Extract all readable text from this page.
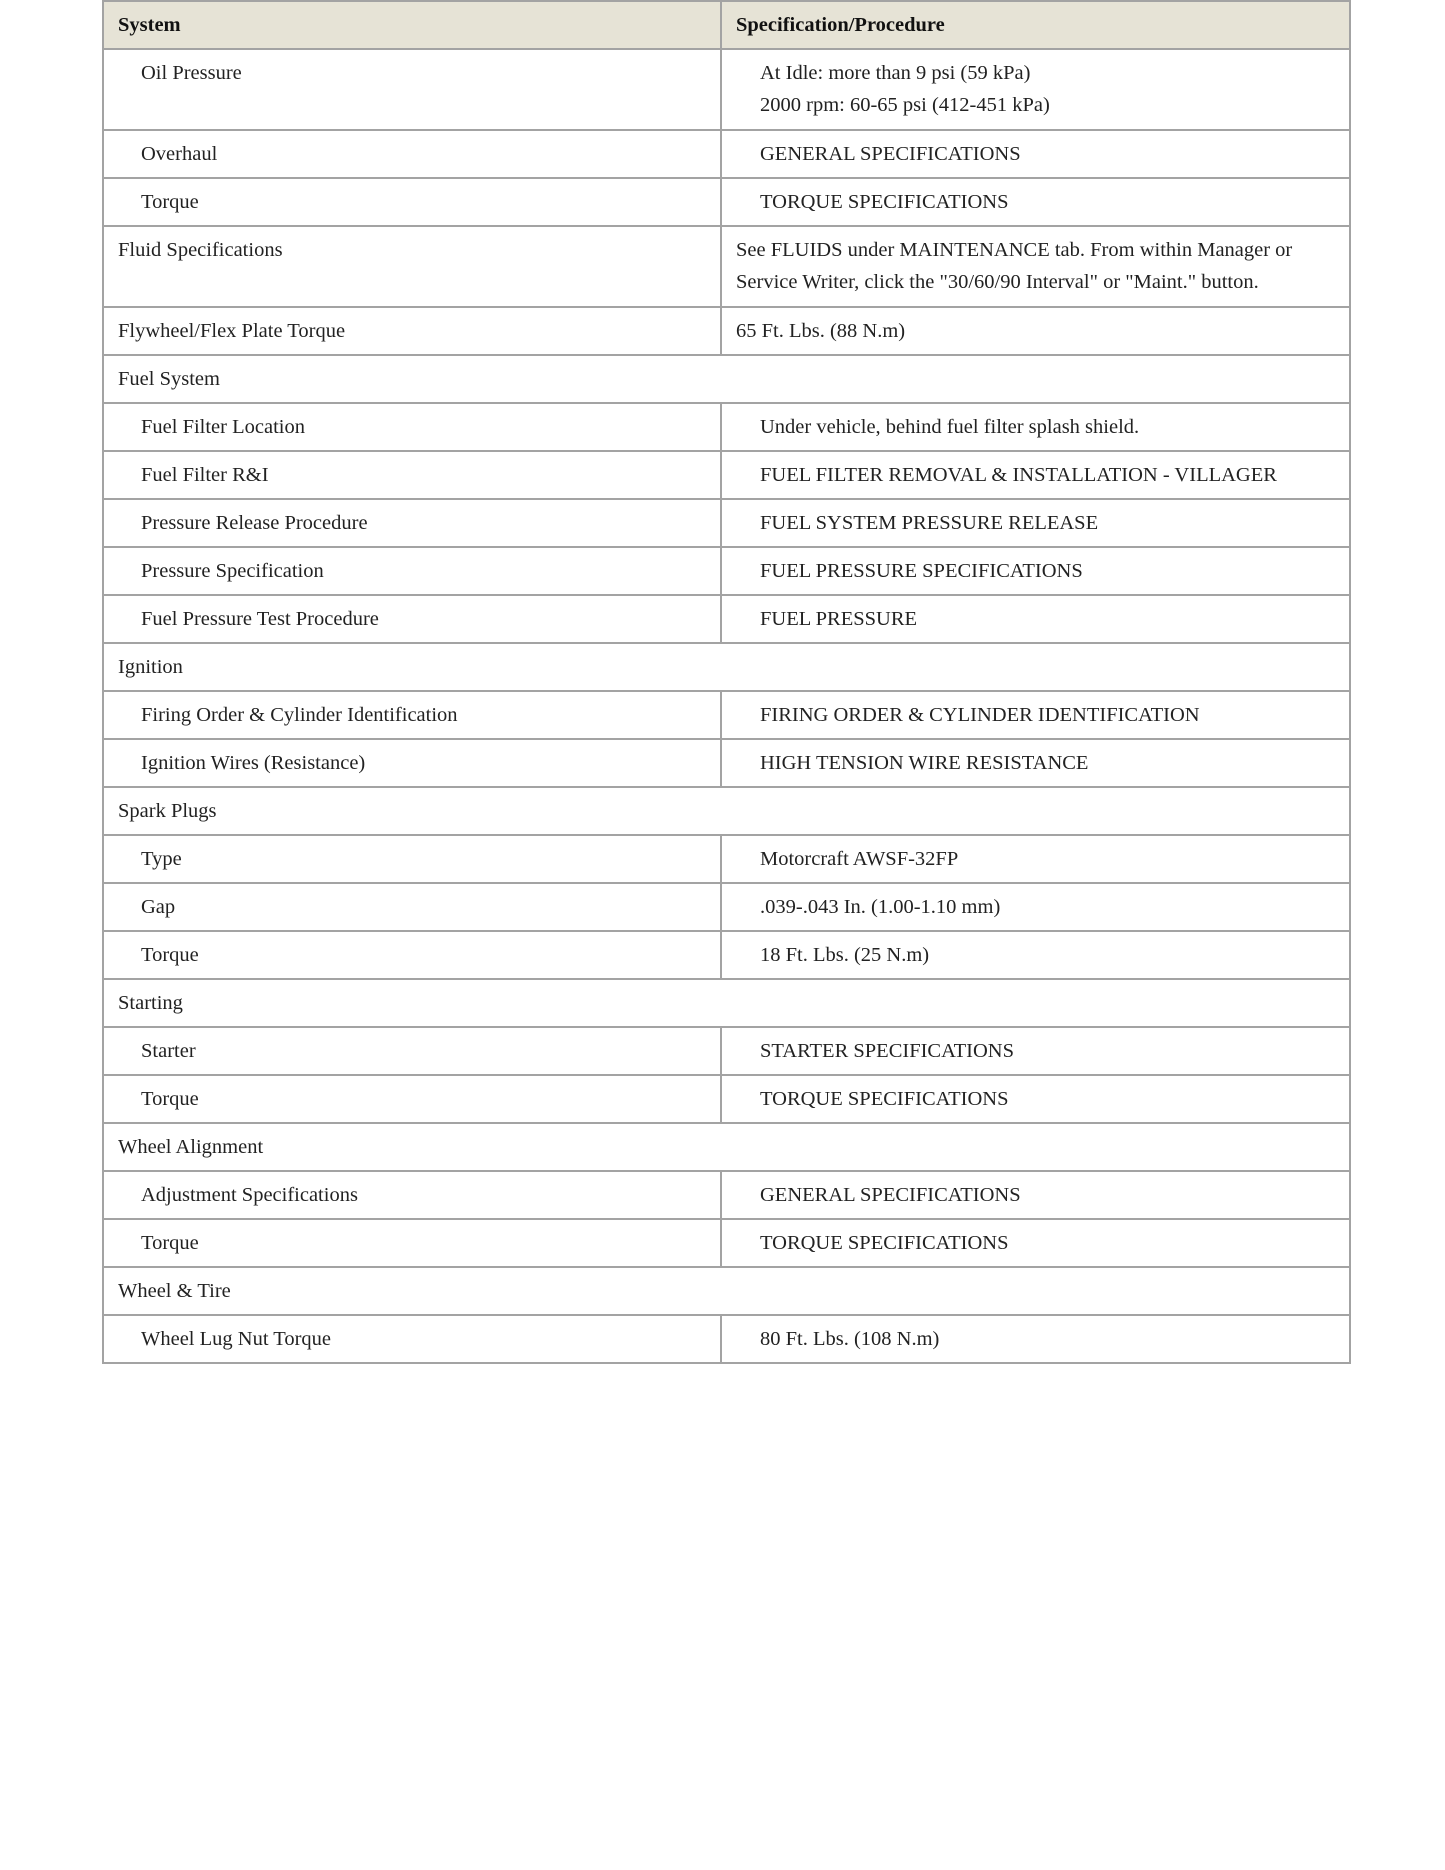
System	Specification/Procedure
Oil Pressure	At Idle: more than 9 psi (59 kPa)
2000 rpm: 60-65 psi (412-451 kPa)

Overhaul	GENERAL SPECIFICATIONS
Torque	TORQUE SPECIFICATIONS
Fluid Specifications	See FLUIDS under MAINTENANCE tab. From within Manager or
Service Writer, click the "30/60/90 Interval" or "Maint." button.

Flywheel/Flex Plate Torque	65 Ft. Lbs. (88 N.m)
Fuel System	
Fuel Filter Location	Under vehicle, behind fuel filter splash shield.
Fuel Filter R&I	FUEL FILTER REMOVAL & INSTALLATION - VILLAGER
Pressure Release Procedure	FUEL SYSTEM PRESSURE RELEASE
Pressure Specification	FUEL PRESSURE SPECIFICATIONS
Fuel Pressure Test Procedure	FUEL PRESSURE
Ignition	
Firing Order & Cylinder Identification	FIRING ORDER & CYLINDER IDENTIFICATION
Ignition Wires (Resistance)	HIGH TENSION WIRE RESISTANCE
Spark Plugs	
Type	Motorcraft AWSF-32FP
Gap	.039-.043 In. (1.00-1.10 mm)
Torque	18 Ft. Lbs. (25 N.m)
Starting	
Starter	STARTER SPECIFICATIONS
Torque	TORQUE SPECIFICATIONS
Wheel Alignment	
Adjustment Specifications	GENERAL SPECIFICATIONS
Torque	TORQUE SPECIFICATIONS
Wheel & Tire	
Wheel Lug Nut Torque	80 Ft. Lbs. (108 N.m)
